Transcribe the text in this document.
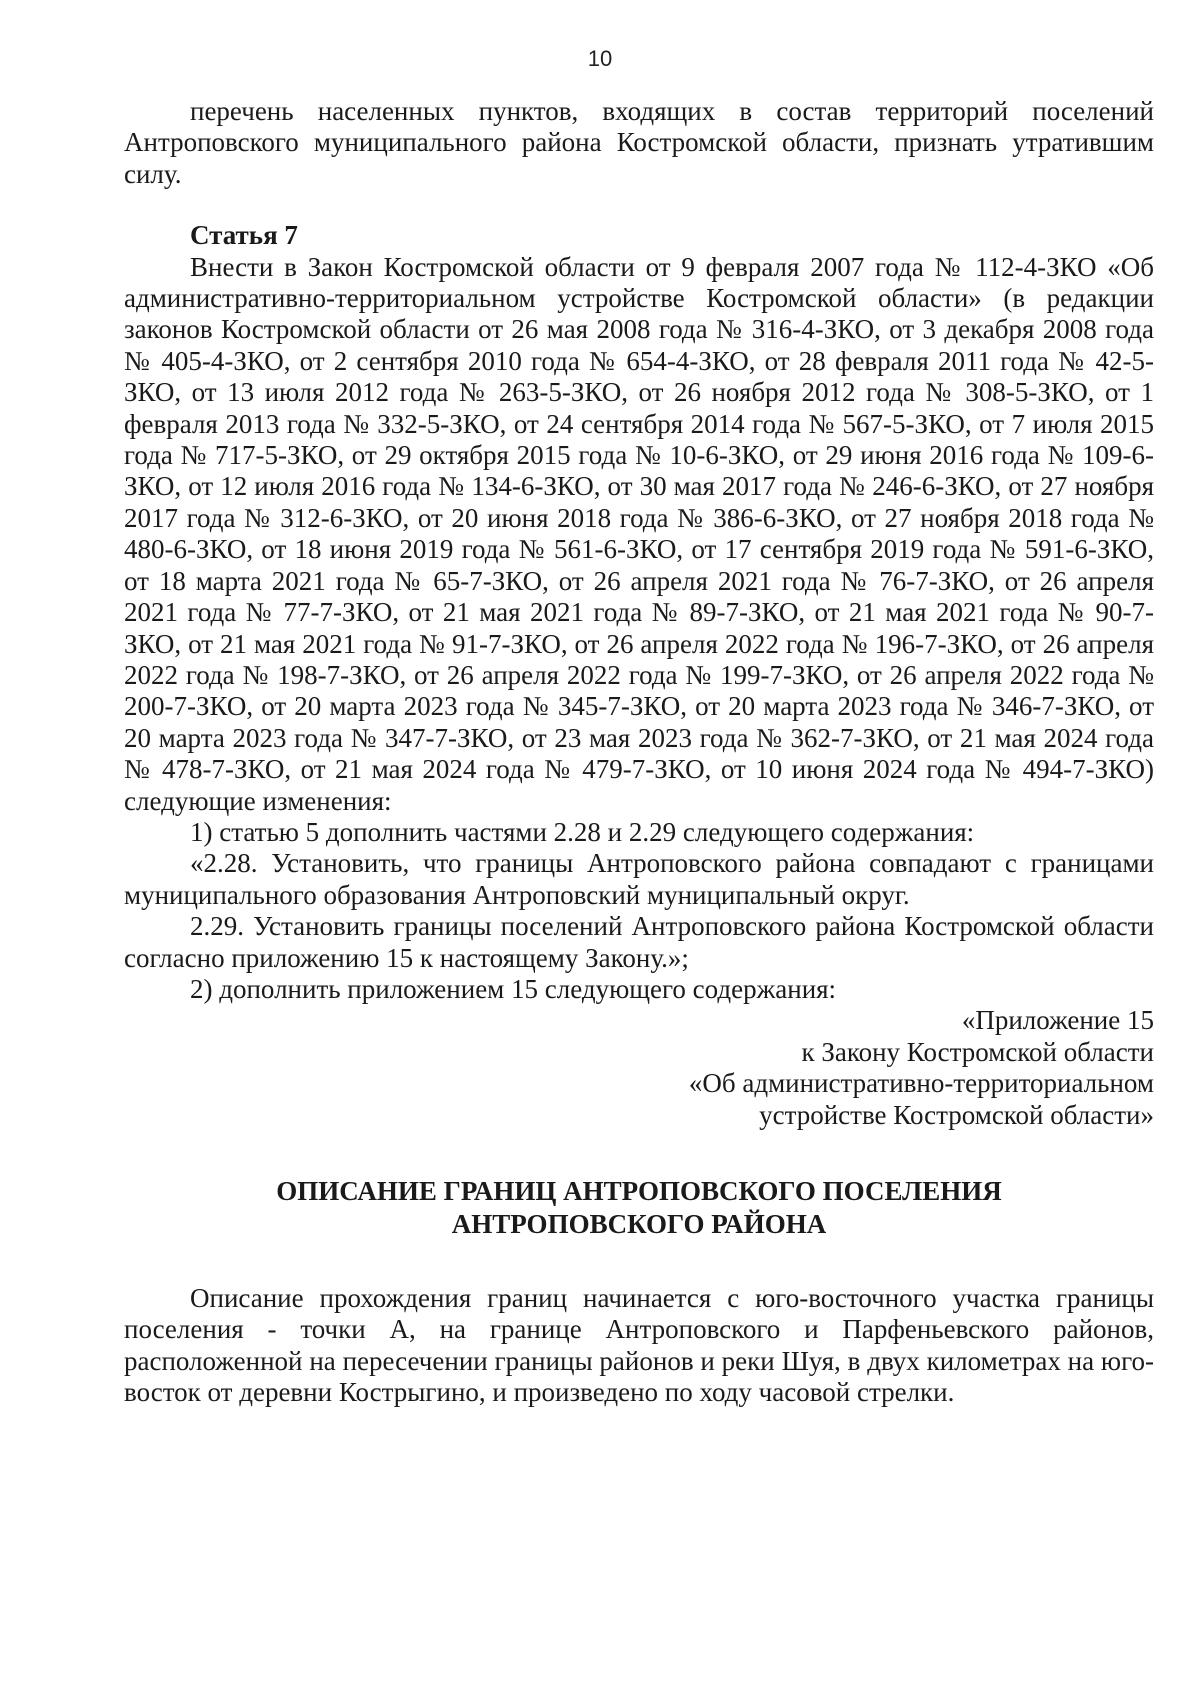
10

перечень населенных пунктов, входящих в состав территорий поселений Антроповского муниципального района Костромской области, признать утратившим силу.

Статья 7

Внести в Закон Костромской области от 9 февраля 2007 года № 112-4-ЗКО «Об административно-территориальном устройстве Костромской области» (в редакции законов Костромской области от 26 мая 2008 года № 316-4-ЗКО, от 3 декабря 2008 года № 405-4-ЗКО, от 2 сентября 2010 года № 654-4-ЗКО, от 28 февраля 2011 года № 42-5-ЗКО, от 13 июля 2012 года № 263-5-ЗКО, от 26 ноября 2012 года № 308-5-ЗКО, от 1 февраля 2013 года № 332-5-ЗКО, от 24 сентября 2014 года № 567-5-ЗКО, от 7 июля 2015 года № 717-5-ЗКО, от 29 октября 2015 года № 10-6-ЗКО, от 29 июня 2016 года № 109-6-ЗКО, от 12 июля 2016 года № 134-6-ЗКО, от 30 мая 2017 года № 246-6-ЗКО, от 27 ноября 2017 года № 312-6-ЗКО, от 20 июня 2018 года № 386-6-ЗКО, от 27 ноября 2018 года № 480-6-ЗКО, от 18 июня 2019 года № 561-6-ЗКО, от 17 сентября 2019 года № 591-6-ЗКО, от 18 марта 2021 года № 65-7-ЗКО, от 26 апреля 2021 года № 76-7-ЗКО, от 26 апреля 2021 года № 77-7-ЗКО, от 21 мая 2021 года № 89-7-ЗКО, от 21 мая 2021 года № 90-7-ЗКО, от 21 мая 2021 года № 91-7-ЗКО, от 26 апреля 2022 года № 196-7-ЗКО, от 26 апреля 2022 года № 198-7-ЗКО, от 26 апреля 2022 года № 199-7-ЗКО, от 26 апреля 2022 года № 200-7-ЗКО, от 20 марта 2023 года № 345-7-ЗКО, от 20 марта 2023 года № 346-7-ЗКО, от 20 марта 2023 года № 347-7-ЗКО, от 23 мая 2023 года № 362-7-ЗКО, от 21 мая 2024 года № 478-7-ЗКО, от 21 мая 2024 года № 479-7-ЗКО, от 10 июня 2024 года № 494-7-ЗКО) следующие изменения:

1) статью 5 дополнить частями 2.28 и 2.29 следующего содержания:

«2.28. Установить, что границы Антроповского района совпадают с границами муниципального образования Антроповский муниципальный округ.

2.29. Установить границы поселений Антроповского района Костромской области согласно приложению 15 к настоящему Закону.»;

2) дополнить приложением 15 следующего содержания:

«Приложение 15
к Закону Костромской области
«Об административно-территориальном
устройстве Костромской области»
ОПИСАНИЕ ГРАНИЦ АНТРОПОВСКОГО ПОСЕЛЕНИЯ
АНТРОПОВСКОГО РАЙОНА

Описание прохождения границ начинается с юго-восточного участка границы поселения - точки А, на границе Антроповского и Парфеньевского районов, расположенной на пересечении границы районов и реки Шуя, в двух километрах на юго-восток от деревни Кострыгино, и произведено по ходу часовой стрелки.
